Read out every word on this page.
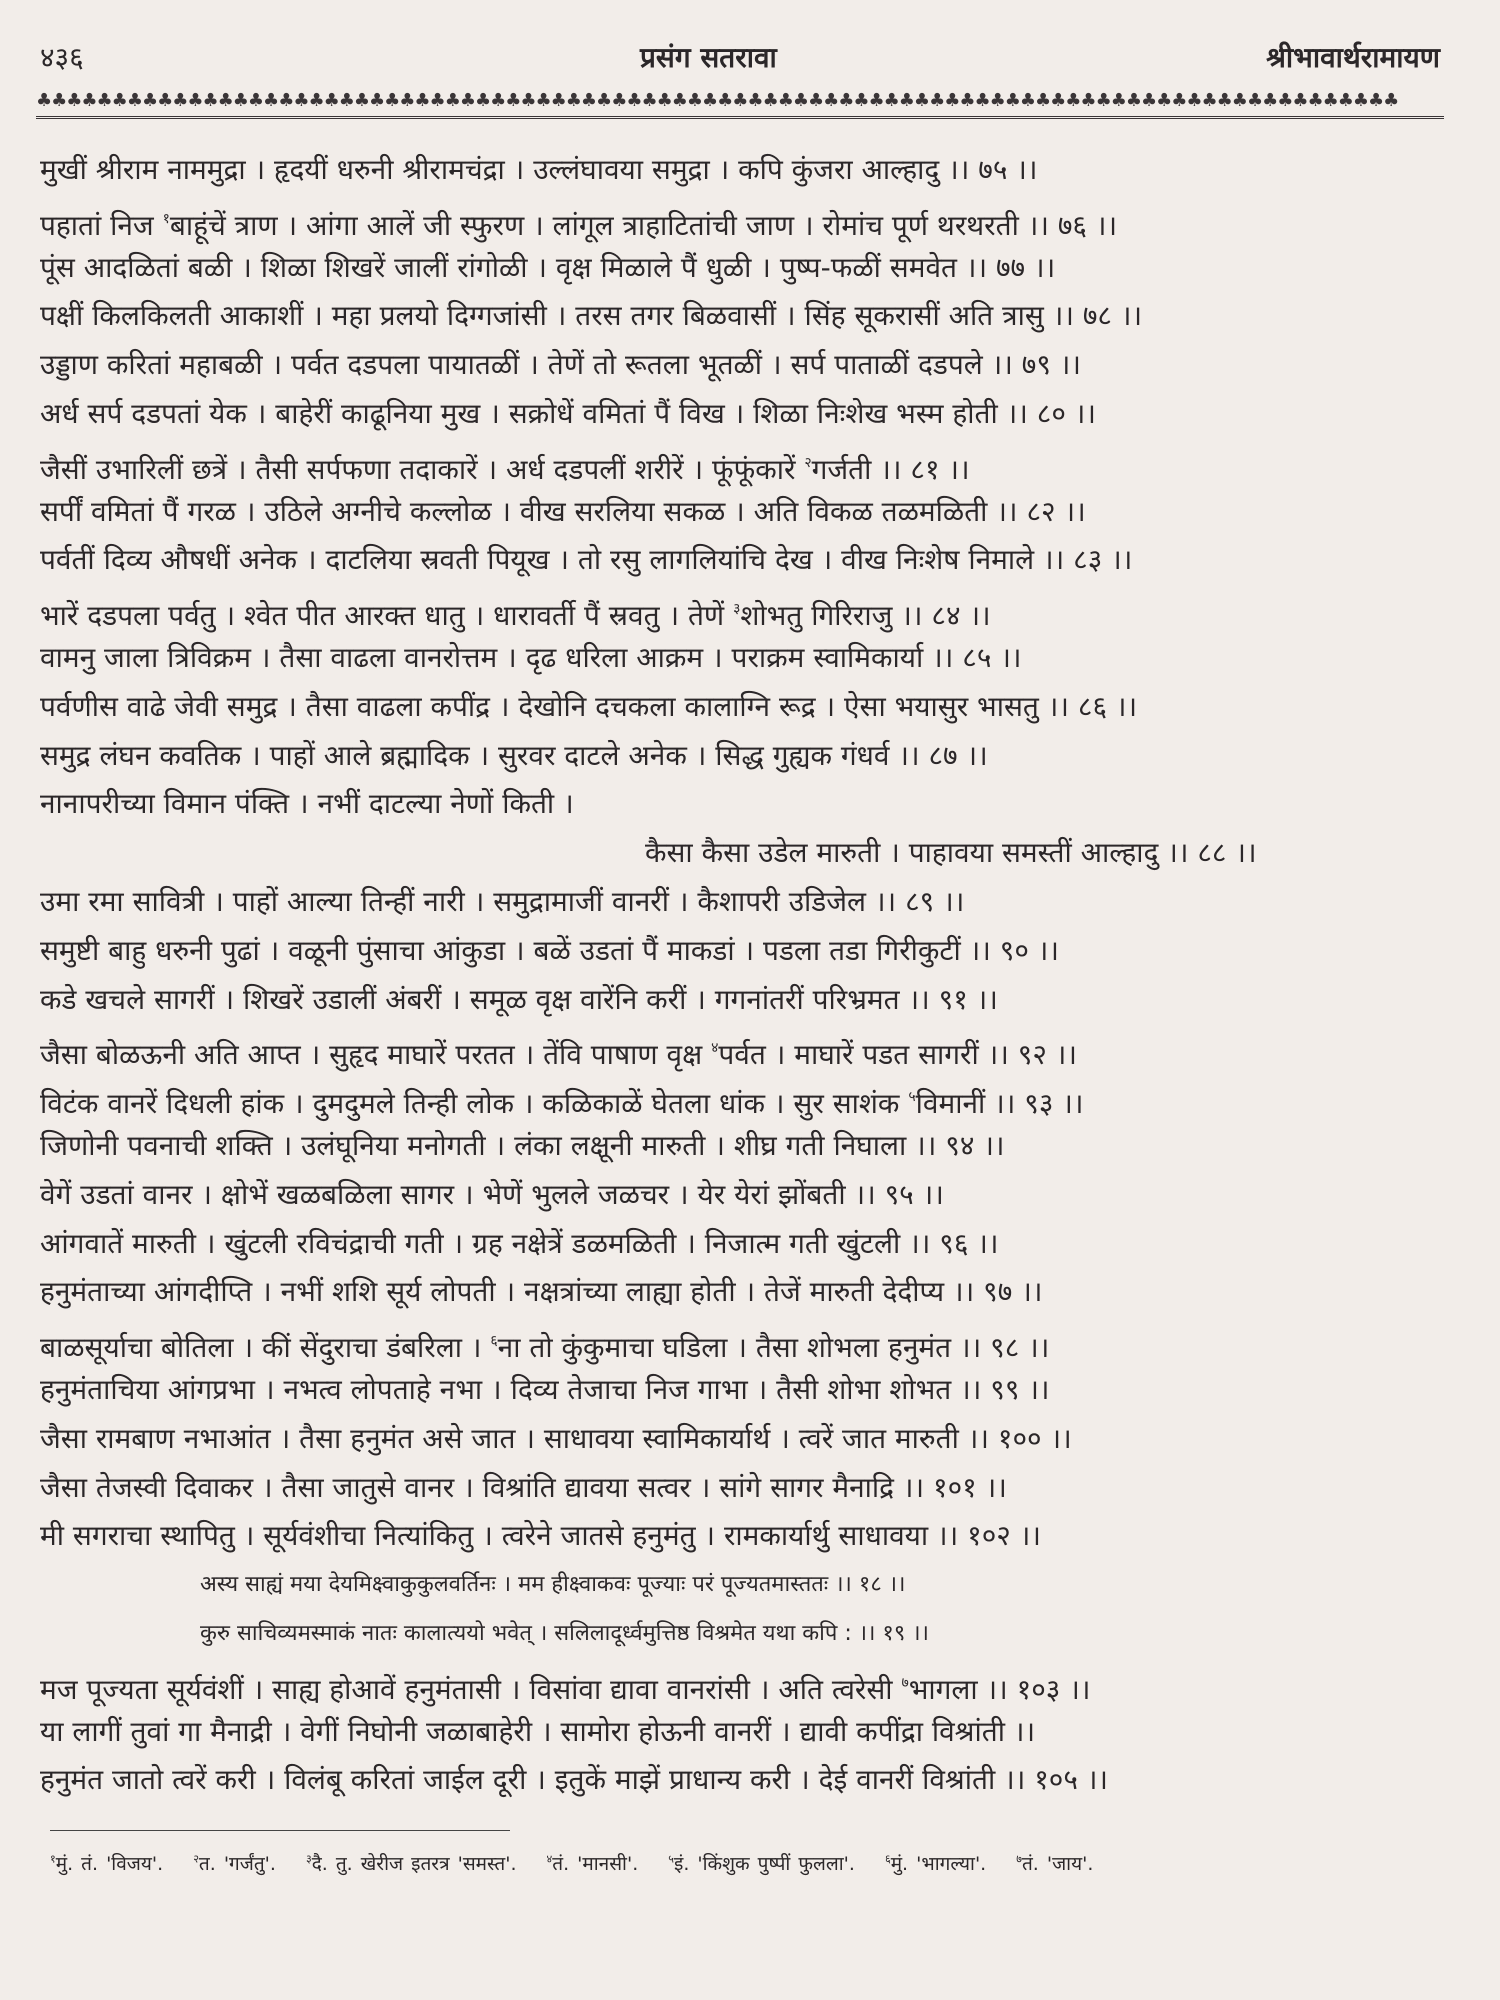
४३६	प्रसंग सतरावा	श्रीभावार्थरामायण
♣♣♣♣♣♣♣♣♣♣♣♣♣♣♣♣♣♣♣♣♣♣♣♣♣♣♣♣♣♣♣♣♣♣♣♣♣♣♣♣♣♣♣♣♣♣♣♣♣♣♣♣♣♣♣♣♣♣♣♣♣♣♣♣♣♣♣♣♣♣♣♣♣♣♣♣♣♣♣♣♣♣♣♣♣♣♣♣♣♣
मुखीं श्रीराम नाममुद्रा । हृदयीं धरुनी श्रीरामचंद्रा । उल्लंघावया समुद्रा । कपि कुंजरा आल्हादु ।। ७५ ।।
पहातां निज $^१$बाहूंचें त्राण । आंगा आलें जी स्फुरण । लांगूल त्राहाटितांची जाण । रोमांच पूर्ण थरथरती ।। ७६ ।।
पूंस आदळितां बळी । शिळा शिखरें जालीं रांगोळी । वृक्ष मिळाले पैं धुळी । पुष्प-फळीं समवेत ।। ७७ ।।
पक्षीं किलकिलती आकाशीं । महा प्रलयो दिग्गजांसी । तरस तगर बिळवासीं । सिंह सूकरासीं अति त्रासु ।। ७८ ।।
उड्डाण करितां महाबळी । पर्वत दडपला पायातळीं । तेणें तो रूतला भूतळीं । सर्प पाताळीं दडपले ।। ७९ ।।
अर्ध सर्प दडपतां येक । बाहेरीं काढूनिया मुख । सक्रोधें वमितां पैं विख । शिळा निःशेख भस्म होती ।। ८० ।।
जैसीं उभारिलीं छत्रें । तैसी सर्पफणा तदाकारें । अर्ध दडपलीं शरीरें । फूंफूंकारें $^२$गर्जती ।। ८१ ।।
सर्पीं वमितां पैं गरळ । उठिले अग्नीचे कल्लोळ । वीख सरलिया सकळ । अति विकळ तळमळिती ।। ८२ ।।
पर्वतीं दिव्य औषधीं अनेक । दाटलिया स्रवती पियूख । तो रसु लागलियांचि देख । वीख निःशेष निमाले ।। ८३ ।।
भारें दडपला पर्वतु । श्वेत पीत आरक्त धातु । धारावर्ती पैं स्रवतु । तेणें $^३$शोभतु गिरिराजु ।। ८४ ।।
वामनु जाला त्रिविक्रम । तैसा वाढला वानरोत्तम । दृढ धरिला आक्रम । पराक्रम स्वामिकार्या ।। ८५ ।।
पर्वणीस वाढे जेवी समुद्र । तैसा वाढला कपींद्र । देखोनि दचकला कालाग्नि रूद्र । ऐसा भयासुर भासतु ।। ८६ ।।
समुद्र लंघन कवतिक । पाहों आले ब्रह्मादिक । सुरवर दाटले अनेक । सिद्ध गुह्यक गंधर्व ।। ८७ ।।
नानापरीच्या विमान पंक्ति । नभीं दाटल्या नेणों किती ।
कैसा कैसा उडेल मारुती । पाहावया समस्तीं आल्हादु ।। ८८ ।।
उमा रमा सावित्री । पाहों आल्या तिन्हीं नारी । समुद्रामाजीं वानरीं । कैशापरी उडिजेल ।। ८९ ।।
समुष्टी बाहु धरुनी पुढां । वळूनी पुंसाचा आंकुडा । बळें उडतां पैं माकडां । पडला तडा गिरीकुटीं ।। ९० ।।
कडे खचले सागरीं । शिखरें उडालीं अंबरीं । समूळ वृक्ष वारेंनि करीं । गगनांतरीं परिभ्रमत ।। ९१ ।।
जैसा बोळऊनी अति आप्त । सुहृद माघारें परतत । तेंवि पाषाण वृक्ष $^४$पर्वत । माघारें पडत सागरीं ।। ९२ ।।
विटंक वानरें दिधली हांक । दुमदुमले तिन्ही लोक । कळिकाळें घेतला धांक । सुर साशंक $^५$विमानीं ।। ९३ ।।
जिणोनी पवनाची शक्ति । उलंघूनिया मनोगती । लंका लक्षूनी मारुती । शीघ्र गती निघाला ।। ९४ ।।
वेगें उडतां वानर । क्षोभें खळबळिला सागर । भेणें भुलले जळचर । येर येरां झोंबती ।। ९५ ।।
आंगवातें मारुती । खुंटली रविचंद्राची गती । ग्रह नक्षेत्रें डळमळिती । निजात्म गती खुंटली ।। ९६ ।।
हनुमंताच्या आंगदीप्ति । नभीं शशि सूर्य लोपती । नक्षत्रांच्या लाह्या होती । तेजें मारुती देदीप्य ।। ९७ ।।
बाळसूर्याचा बोतिला । कीं सेंदुराचा डंबरिला । $^६$ना तो कुंकुमाचा घडिला । तैसा शोभला हनुमंत ।। ९८ ।।
हनुमंताचिया आंगप्रभा । नभत्व लोपताहे नभा । दिव्य तेजाचा निज गाभा । तैसी शोभा शोभत ।। ९९ ।।
जैसा रामबाण नभाआंत । तैसा हनुमंत असे जात । साधावया स्वामिकार्यार्थ । त्वरें जात मारुती ।। १०० ।।
जैसा तेजस्वी दिवाकर । तैसा जातुसे वानर । विश्रांति द्यावया सत्वर । सांगे सागर मैनाद्रि ।। १०१ ।।
मी सगराचा स्थापितु । सूर्यवंशीचा नित्यांकितु । त्वरेने जातसे हनुमंतु । रामकार्यार्थु साधावया ।। १०२ ।।
अस्य साह्यं मया देयमिक्ष्वाकुकुलवर्तिनः । मम हीक्ष्वाकवः पूज्याः परं पूज्यतमास्ततः ।। १८ ।।
कुरु साचिव्यमस्माकं नातः कालात्ययो भवेत् । सलिलादूर्ध्वमुत्तिष्ठ विश्रमेत यथा कपि : ।। १९ ।।
मज पूज्यता सूर्यवंशीं । साह्य होआवें हनुमंतासी । विसांवा द्यावा वानरांसी । अति त्वरेसी $^७$भागला ।। १०३ ।।
या लागीं तुवां गा मैनाद्री । वेगीं निघोनी जळाबाहेरी । सामोरा होऊनी वानरीं । द्यावी कपींद्रा विश्रांती ।।
हनुमंत जातो त्वरें करी । विलंबू करितां जाईल दूरी । इतुकें माझें प्राधान्य करी । देई वानरीं विश्रांती ।। १०५ ।।
$^१$मुं. तं. 'विजय'.	$^२$त. 'गर्जंतु'.	$^३$दै. तु. खेरीज इतरत्र 'समस्त'.	$^४$तं. 'मानसी'.	$^५$इं. 'किंशुक पुष्पीं फुलला'.	$^६$मुं. 'भागल्या'.	$^७$तं. 'जाय'.
